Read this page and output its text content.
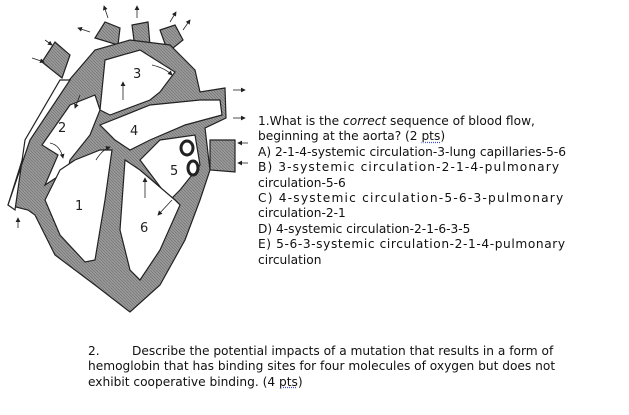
1
2
3
4
5
6
1.What is the correct sequence of blood flow,
beginning at the aorta? (2 pts)
A) 2-1-4-systemic circulation-3-lung capillaries-5-6
B) 3-systemic circulation-2-1-4-pulmonary
circulation-5-6
C) 4-systemic circulation-5-6-3-pulmonary
circulation-2-1
D) 4-systemic circulation-2-1-6-3-5
E) 5-6-3-systemic circulation-2-1-4-pulmonary
circulation
2.	Describe the potential impacts of a mutation that results in a form of
hemoglobin that has binding sites for four molecules of oxygen but does not
exhibit cooperative binding. (4 pts)
